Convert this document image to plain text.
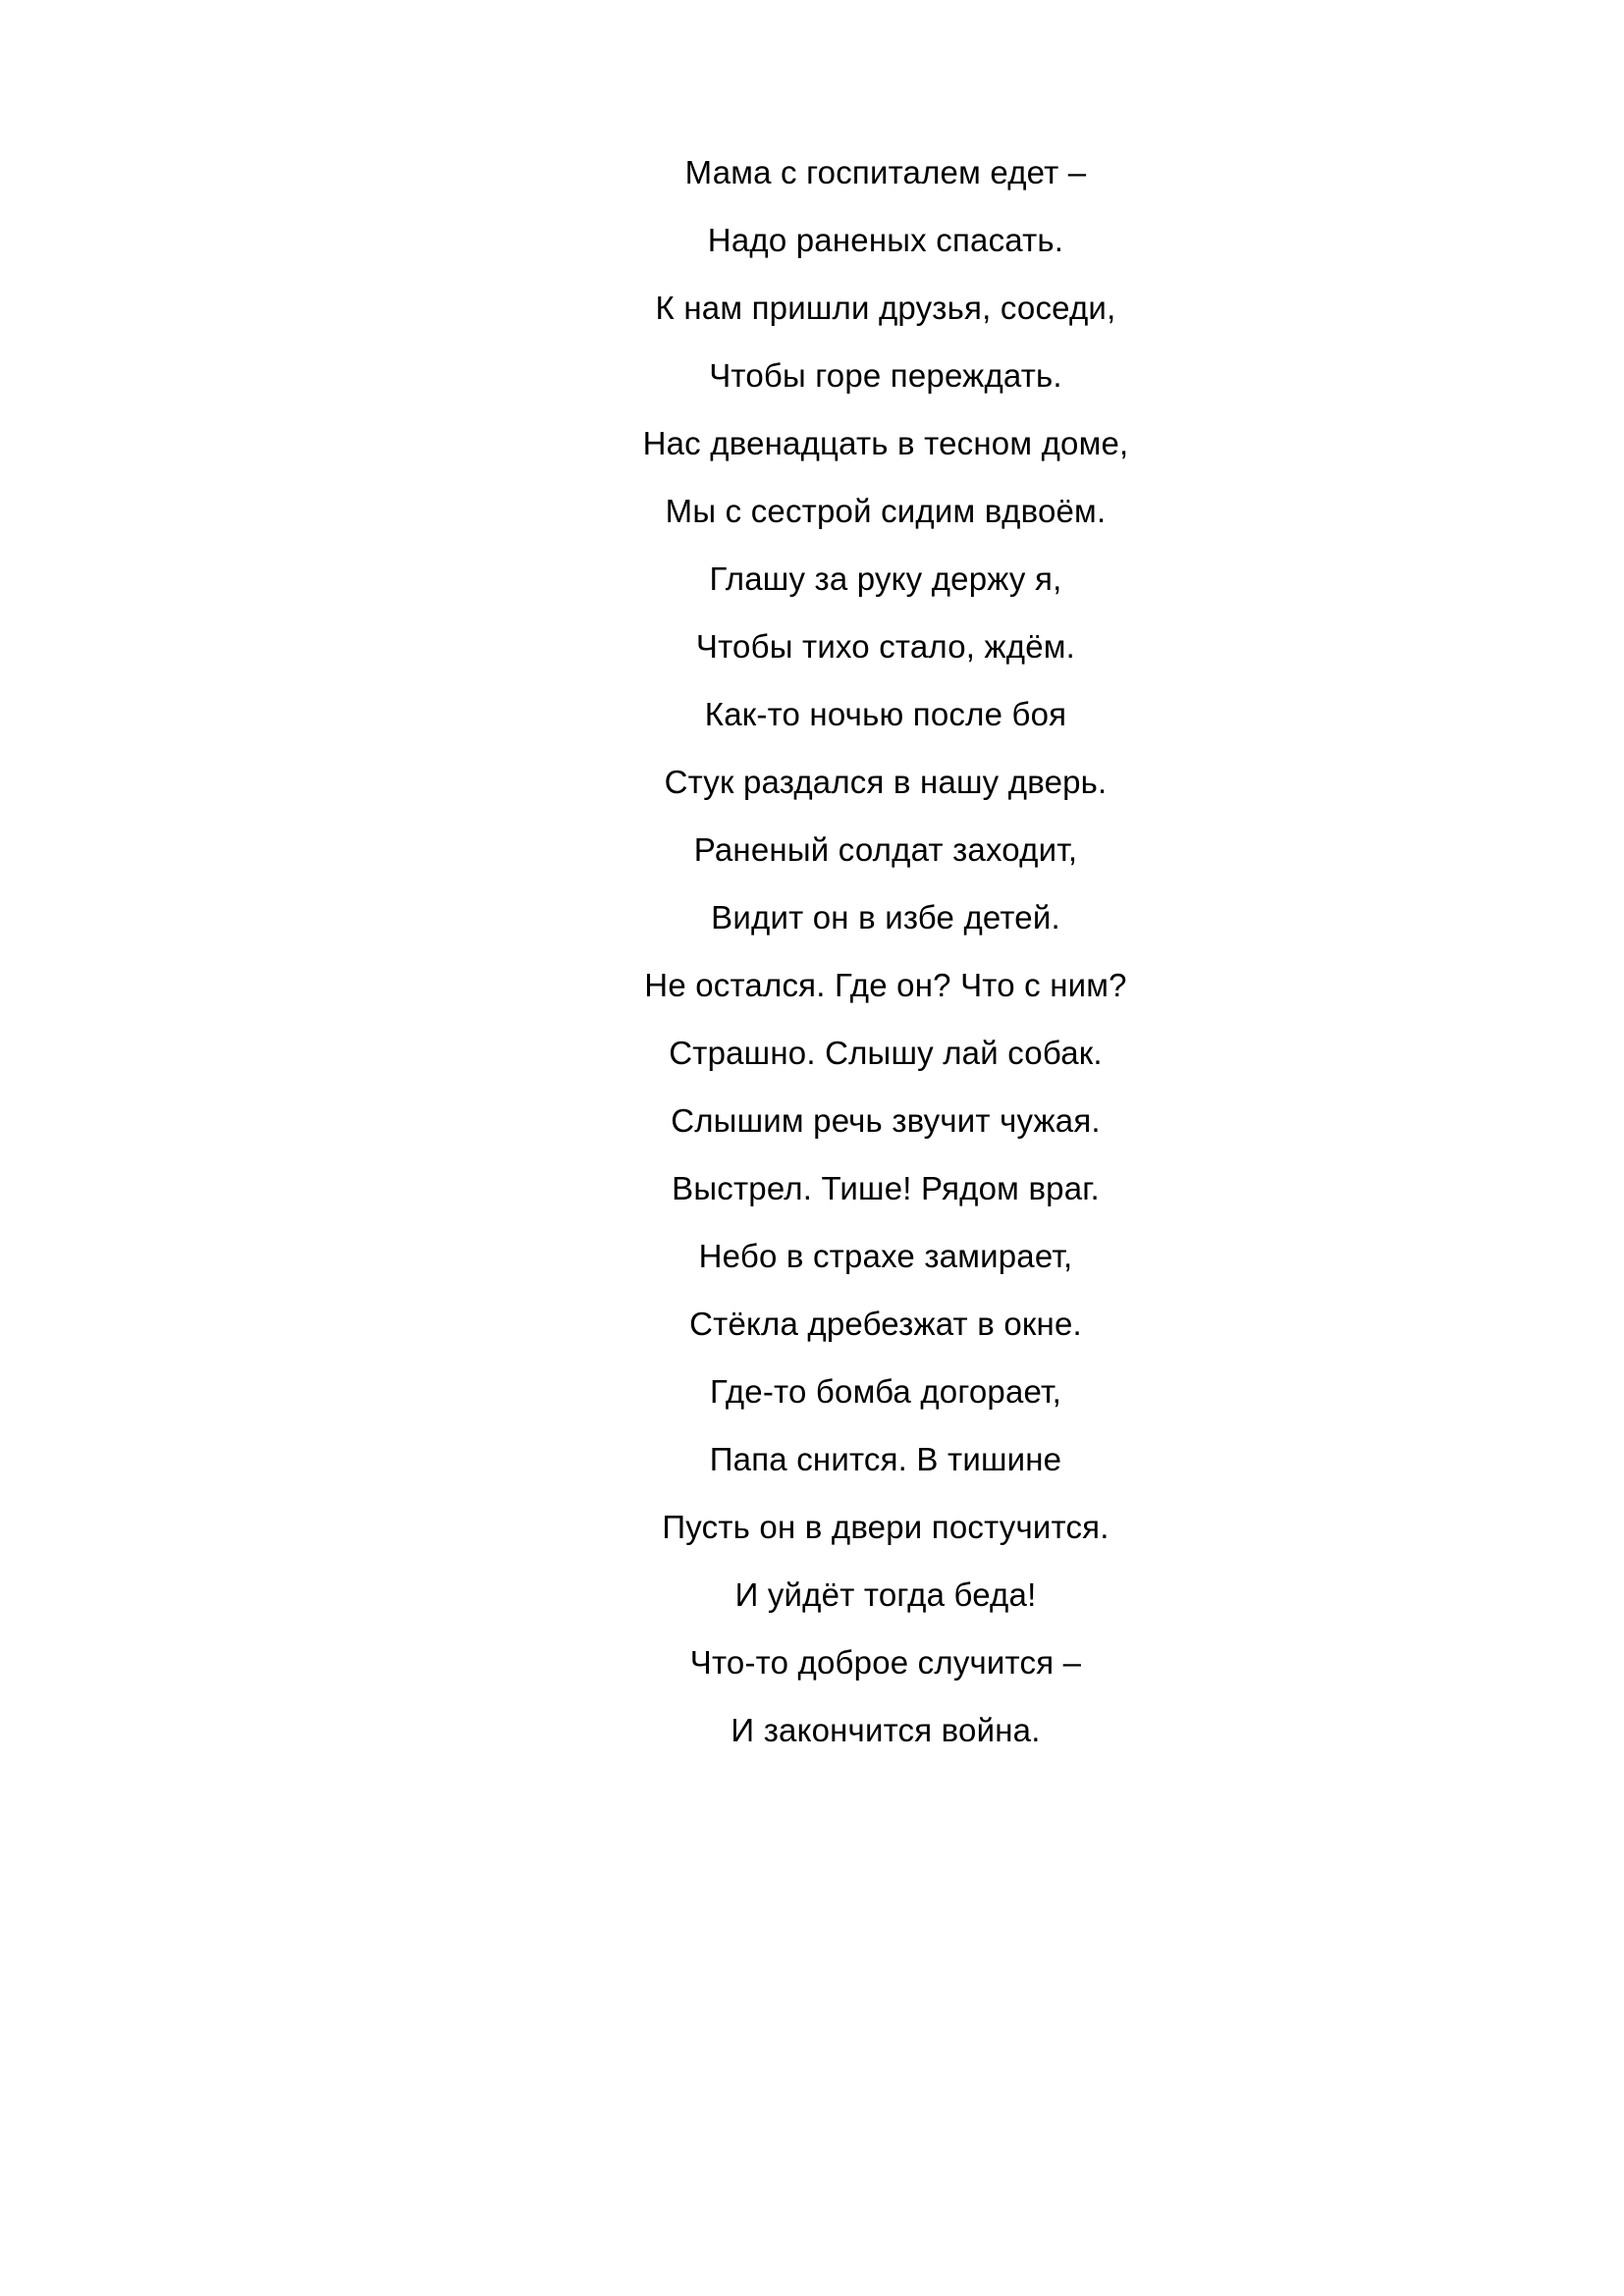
Мама с госпиталем едет –
Надо раненых спасать.
К нам пришли друзья, соседи,
Чтобы горе переждать.
Нас двенадцать в тесном доме,
Мы с сестрой сидим вдвоём.
Глашу за руку держу я,
Чтобы тихо стало, ждём.
Как-то ночью после боя
Стук раздался в нашу дверь.
Раненый солдат заходит,
Видит он в избе детей.
Не остался. Где он? Что с ним?
Страшно. Слышу лай собак.
Слышим речь звучит чужая.
Выстрел. Тише! Рядом враг.
Небо в страхе замирает,
Стёкла дребезжат в окне.
Где-то бомба догорает,
Папа снится. В тишине
Пусть он в двери постучится.
И уйдёт тогда беда!
Что-то доброе случится –
И закончится война.
